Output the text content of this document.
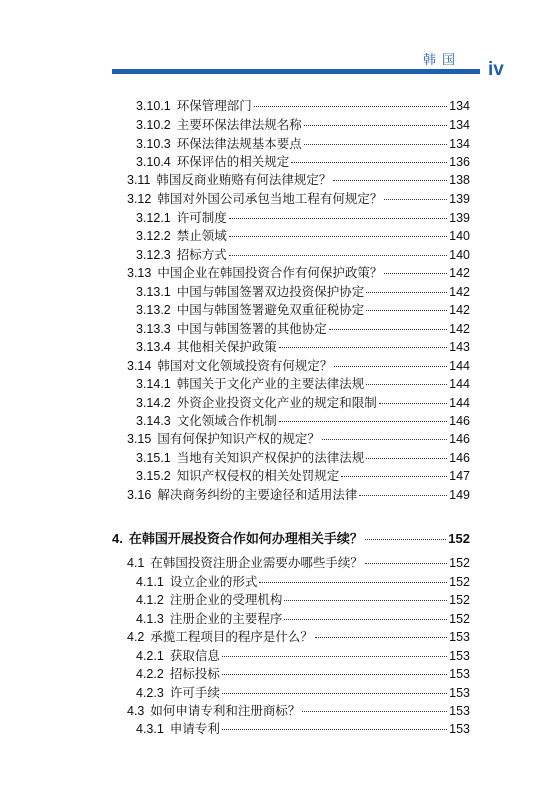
韩国 iv
3.10.1 环保管理部门	134
3.10.2 主要环保法律法规名称	134
3.10.3 环保法律法规基本要点	134
3.10.4 环保评估的相关规定	136
3.11 韩国反商业贿赂有何法律规定？	138
3.12 韩国对外国公司承包当地工程有何规定？	139
3.12.1 许可制度	139
3.12.2 禁止领域	140
3.12.3 招标方式	140
3.13 中国企业在韩国投资合作有何保护政策？	142
3.13.1 中国与韩国签署双边投资保护协定	142
3.13.2 中国与韩国签署避免双重征税协定	142
3.13.3 中国与韩国签署的其他协定	142
3.13.4 其他相关保护政策	143
3.14 韩国对文化领域投资有何规定？	144
3.14.1 韩国关于文化产业的主要法律法规	144
3.14.2 外资企业投资文化产业的规定和限制	144
3.14.3 文化领域合作机制	146
3.15 国有何保护知识产权的规定？	146
3.15.1 当地有关知识产权保护的法律法规	146
3.15.2 知识产权侵权的相关处罚规定	147
3.16 解决商务纠纷的主要途径和适用法律	149
4. 在韩国开展投资合作如何办理相关手续？	152
4.1 在韩国投资注册企业需要办哪些手续？	152
4.1.1 设立企业的形式	152
4.1.2 注册企业的受理机构	152
4.1.3 注册企业的主要程序	152
4.2 承揽工程项目的程序是什么？	153
4.2.1 获取信息	153
4.2.2 招标投标	153
4.2.3 许可手续	153
4.3 如何申请专利和注册商标？	153
4.3.1 申请专利	153
